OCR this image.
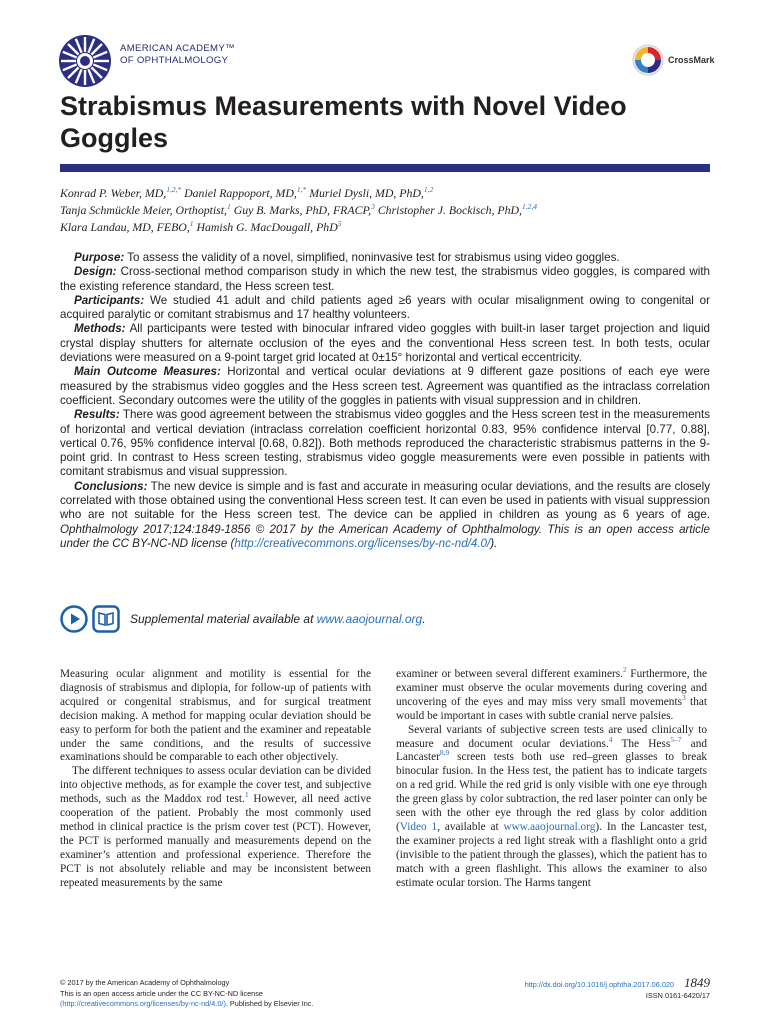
AMERICAN ACADEMY™
OF OPHTHALMOLOGY	CrossMark
Strabismus Measurements with Novel Video Goggles
Konrad P. Weber, MD,$^{1,2,*}$ Daniel Rappoport, MD,$^{1,*}$ Muriel Dysli, MD, PhD,$^{1,2}$
Tanja Schmückle Meier, Orthoptist,$^1$ Guy B. Marks, PhD, FRACP,$^3$ Christopher J. Bockisch, PhD,$^{1,2,4}$
Klara Landau, MD, FEBO,$^1$ Hamish G. MacDougall, PhD$^5$

Purpose: To assess the validity of a novel, simplified, noninvasive test for strabismus using video goggles.

Design: Cross-sectional method comparison study in which the new test, the strabismus video goggles, is compared with the existing reference standard, the Hess screen test.

Participants: We studied 41 adult and child patients aged ≥6 years with ocular misalignment owing to congenital or acquired paralytic or comitant strabismus and 17 healthy volunteers.

Methods: All participants were tested with binocular infrared video goggles with built-in laser target projection and liquid crystal display shutters for alternate occlusion of the eyes and the conventional Hess screen test. In both tests, ocular deviations were measured on a 9-point target grid located at 0±15° horizontal and vertical eccentricity.

Main Outcome Measures: Horizontal and vertical ocular deviations at 9 different gaze positions of each eye were measured by the strabismus video goggles and the Hess screen test. Agreement was quantified as the intraclass correlation coefficient. Secondary outcomes were the utility of the goggles in patients with visual suppression and in children.

Results: There was good agreement between the strabismus video goggles and the Hess screen test in the measurements of horizontal and vertical deviation (intraclass correlation coefficient horizontal 0.83, 95% confidence interval [0.77, 0.88], vertical 0.76, 95% confidence interval [0.68, 0.82]). Both methods reproduced the characteristic strabismus patterns in the 9-point grid. In contrast to Hess screen testing, strabismus video goggle measurements were even possible in patients with comitant strabismus and visual suppression.

Conclusions: The new device is simple and is fast and accurate in measuring ocular deviations, and the results are closely correlated with those obtained using the conventional Hess screen test. It can even be used in patients with visual suppression who are not suitable for the Hess screen test. The device can be applied in children as young as 6 years of age. Ophthalmology 2017;124:1849-1856 © 2017 by the American Academy of Ophthalmology. This is an open access article under the CC BY-NC-ND license (http://creativecommons.org/licenses/by-nc-nd/4.0/).

Supplemental material available at www.aaojournal.org.

Measuring ocular alignment and motility is essential for the diagnosis of strabismus and diplopia, for follow-up of patients with acquired or congenital strabismus, and for surgical treatment decision making. A method for mapping ocular deviation should be easy to perform for both the patient and the examiner and repeatable under the same conditions, and the results of successive examinations should be comparable to each other objectively.

The different techniques to assess ocular deviation can be divided into objective methods, as for example the cover test, and subjective methods, such as the Maddox rod test.$^1$ However, all need active cooperation of the patient. Probably the most commonly used method in clinical practice is the prism cover test (PCT). However, the PCT is performed manually and measurements depend on the examiner’s attention and professional experience. Therefore the PCT is not absolutely reliable and may be inconsistent between repeated measurements by the same

examiner or between several different examiners.$^2$ Furthermore, the examiner must observe the ocular movements during covering and uncovering of the eyes and may miss very small movements$^3$ that would be important in cases with subtle cranial nerve palsies.

Several variants of subjective screen tests are used clinically to measure and document ocular deviations.$^4$ The Hess$^{5-7}$ and Lancaster$^{8,9}$ screen tests both use red–green glasses to break binocular fusion. In the Hess test, the patient has to indicate targets on a red grid. While the red grid is only visible with one eye through the green glass by color subtraction, the red laser pointer can only be seen with the other eye through the red glass by color addition (Video 1, available at www.aaojournal.org). In the Lancaster test, the examiner projects a red light streak with a flashlight onto a grid (invisible to the patient through the glasses), which the patient has to match with a green flashlight. This allows the examiner to also estimate ocular torsion. The Harms tangent

© 2017 by the American Academy of Ophthalmology
This is an open access article under the CC BY-NC-ND license
(http://creativecommons.org/licenses/by-nc-nd/4.0/). Published by Elsevier Inc.
http://dx.doi.org/10.1016/j.ophtha.2017.06.020 1849
ISSN 0161-6420/17
